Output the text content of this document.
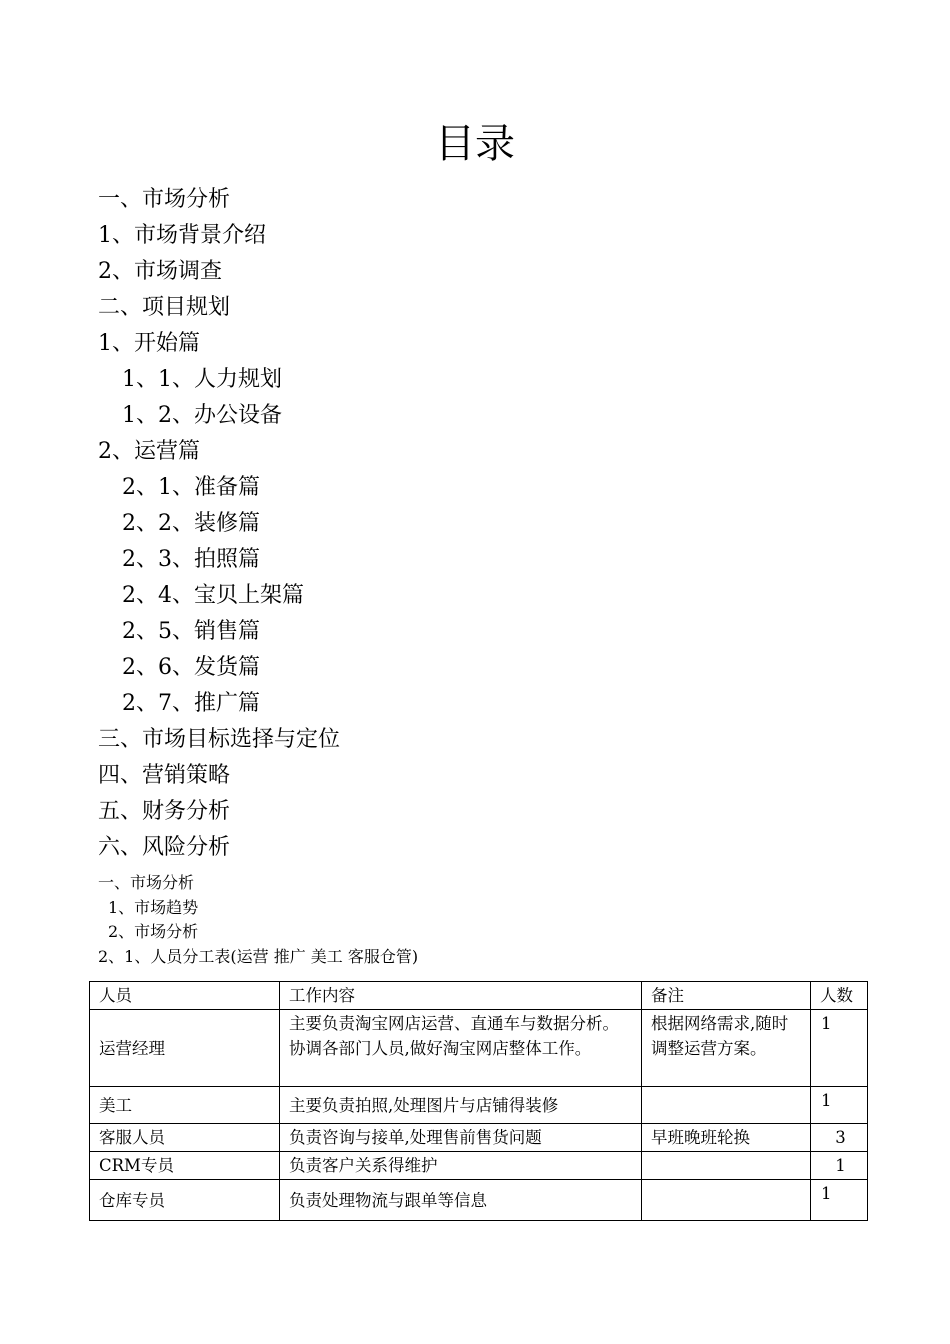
目录
一、市场分析
1、市场背景介绍
2、市场调查
二、项目规划
1、开始篇
1、1、人力规划
1、2、办公设备
2、运营篇
2、1、准备篇
2、2、装修篇
2、3、拍照篇
2、4、宝贝上架篇
2、5、销售篇
2、6、发货篇
2、7、推广篇
三、市场目标选择与定位
四、营销策略
五、财务分析
六、风险分析
一、市场分析
1、市场趋势
2、市场分析
2、1、人员分工表(运营 推广 美工 客服仓管)
人员	工作内容	备注	人数
运营经理	主要负责淘宝网店运营、直通车与数据分析。协调各部门人员,做好淘宝网店整体工作。	根据网络需求,随时调整运营方案。	1
美工	主要负责拍照,处理图片与店铺得装修		1
客服人员	负责咨询与接单,处理售前售货问题	早班晚班轮换	3
CRM专员	负责客户关系得维护		1
仓库专员	负责处理物流与跟单等信息		1
